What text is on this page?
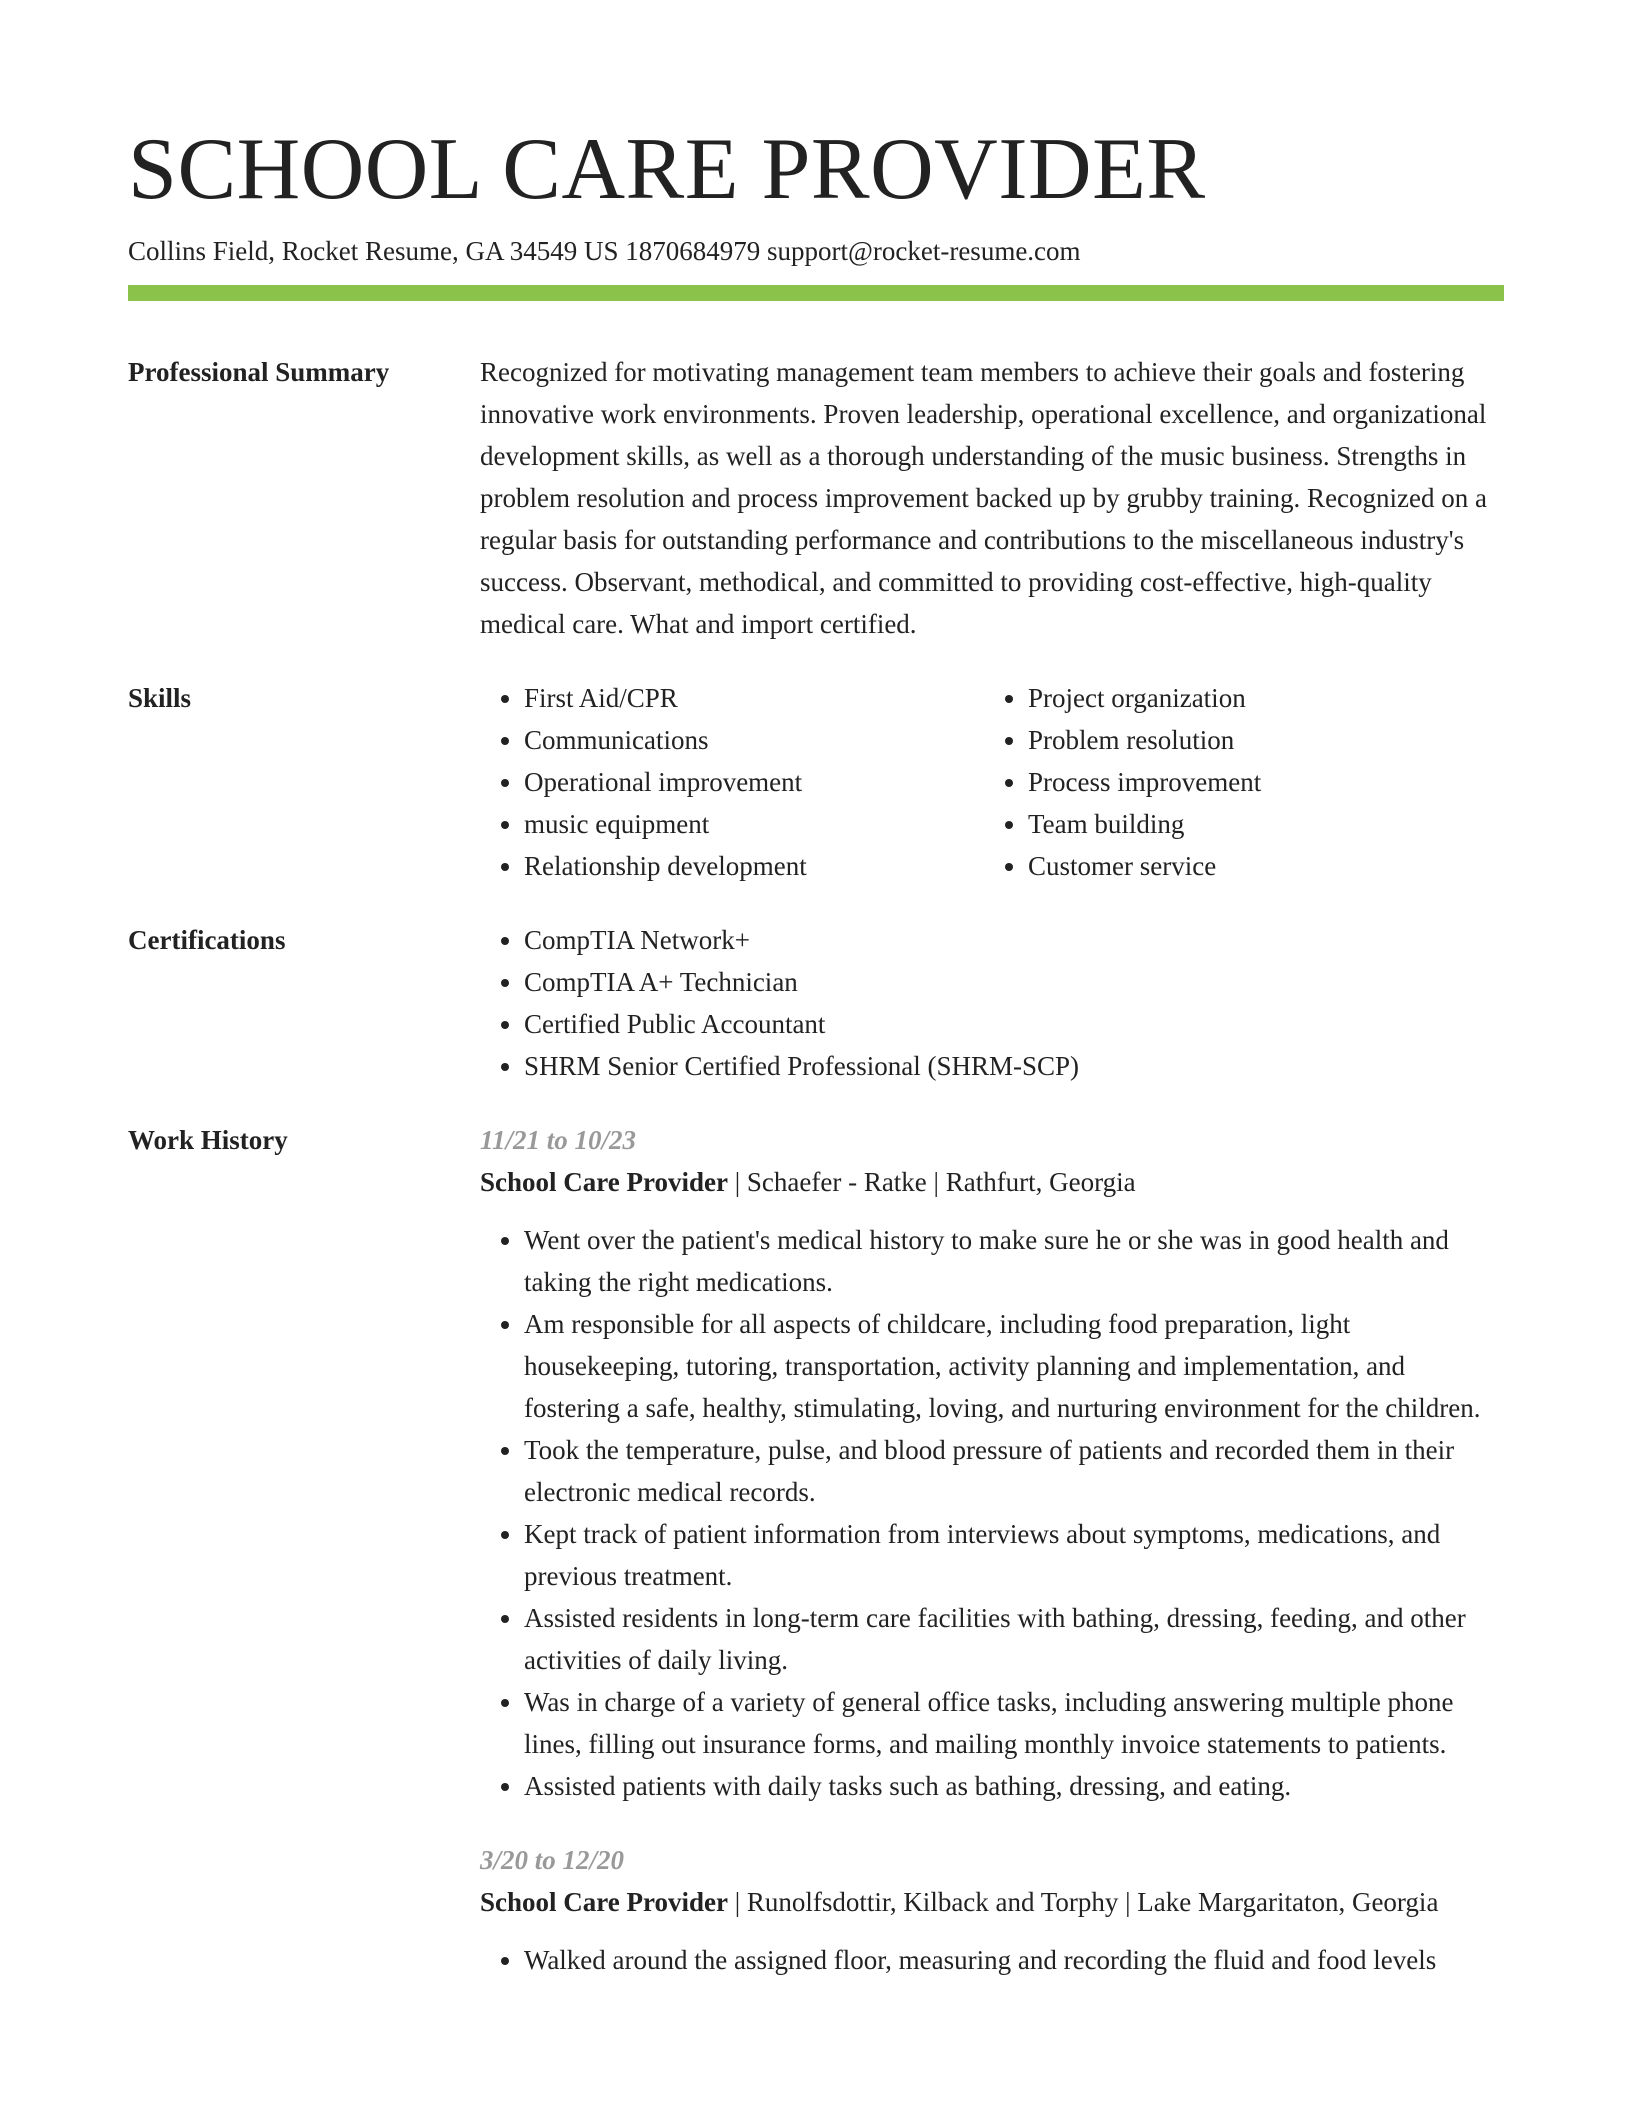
SCHOOL CARE PROVIDER
Collins Field, Rocket Resume, GA 34549 US 1870684979 support@rocket-resume.com
Professional Summary	Recognized for motivating management team members to achieve their goals and fostering innovative work environments. Proven leadership, operational excellence, and organizational development skills, as well as a thorough understanding of the music business. Strengths in problem resolution and process improvement backed up by grubby training. Recognized on a regular basis for outstanding performance and contributions to the miscellaneous industry's success. Observant, methodical, and committed to providing cost-effective, high-quality medical care. What and import certified.
Skills	• First Aid/CPR
• Communications
• Operational improvement
• music equipment
• Relationship development
• Project organization
• Problem resolution
• Process improvement
• Team building
• Customer service
Certifications	• CompTIA Network+
• CompTIA A+ Technician
• Certified Public Accountant
• SHRM Senior Certified Professional (SHRM-SCP)
Work History	11/21 to 10/23
School Care Provider | Schaefer - Ratke | Rathfurt, Georgia
• Went over the patient's medical history to make sure he or she was in good health and taking the right medications.
• Am responsible for all aspects of childcare, including food preparation, light housekeeping, tutoring, transportation, activity planning and implementation, and fostering a safe, healthy, stimulating, loving, and nurturing environment for the children.
• Took the temperature, pulse, and blood pressure of patients and recorded them in their electronic medical records.
• Kept track of patient information from interviews about symptoms, medications, and previous treatment.
• Assisted residents in long-term care facilities with bathing, dressing, feeding, and other activities of daily living.
• Was in charge of a variety of general office tasks, including answering multiple phone lines, filling out insurance forms, and mailing monthly invoice statements to patients.
• Assisted patients with daily tasks such as bathing, dressing, and eating.
3/20 to 12/20
School Care Provider | Runolfsdottir, Kilback and Torphy | Lake Margaritaton, Georgia
• Walked around the assigned floor, measuring and recording the fluid and food levels
